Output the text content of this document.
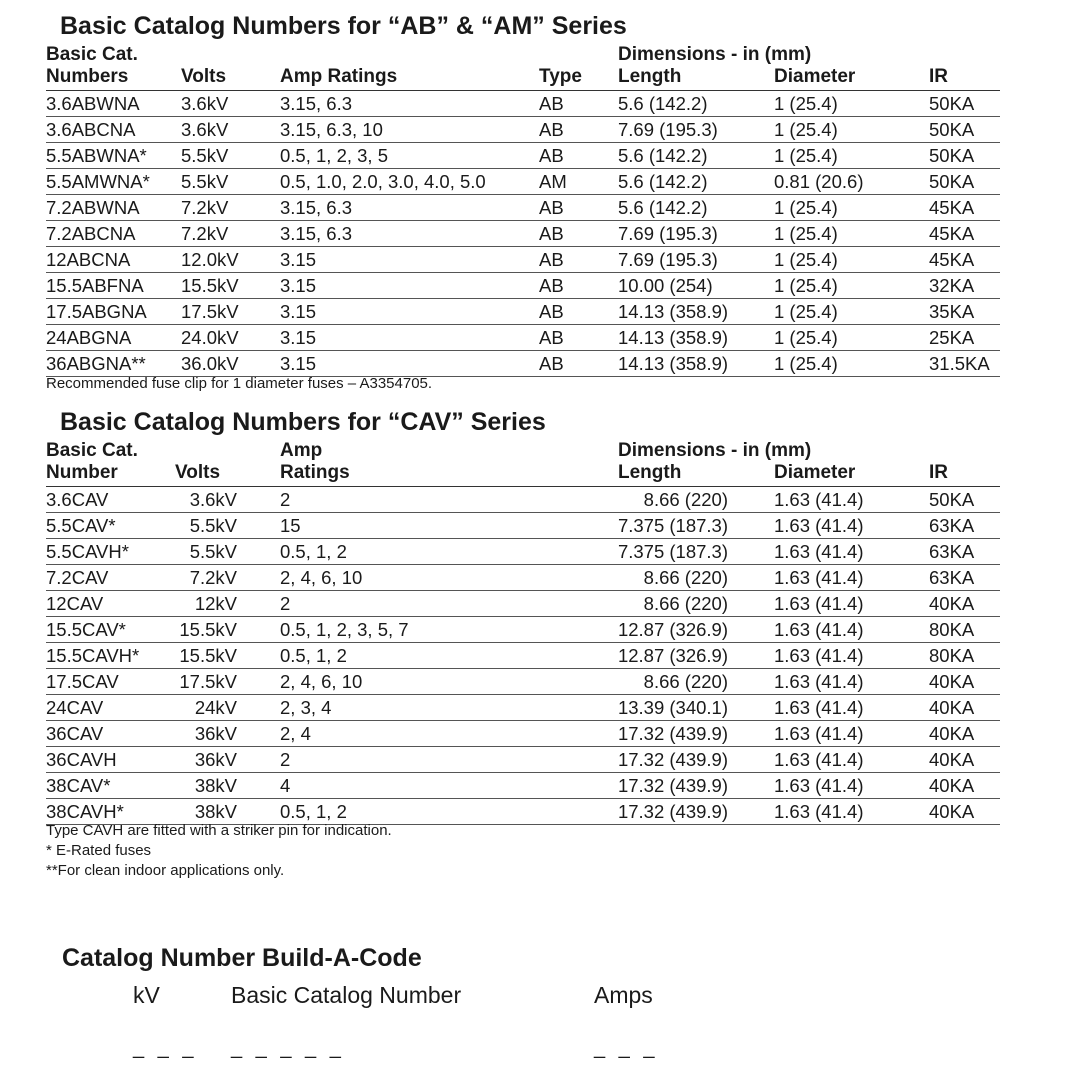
Basic Catalog Numbers for “AB” & “AM” Series
Basic Cat.
Numbers	Volts	Amp Ratings	Type
Dimensions - in (mm)
Length	Diameter	IR
3.6ABWNA 3.6kV	3.15, 6.3	AB	5.6 (142.2)	1 (25.4)	50KA
3.6ABCNA 3.6kV	3.15, 6.3, 10	AB	7.69 (195.3)	1 (25.4)	50KA
5.5ABWNA* 5.5kV	0.5, 1, 2, 3, 5	AB	5.6 (142.2)	1 (25.4)	50KA
5.5AMWNA* 5.5kV	0.5, 1.0, 2.0, 3.0, 4.0, 5.0	AM	5.6 (142.2)	0.81 (20.6)	50KA
7.2ABWNA 7.2kV	3.15, 6.3	AB	5.6 (142.2)	1 (25.4)	45KA
7.2ABCNA 7.2kV	3.15, 6.3	AB	7.69 (195.3)	1 (25.4)	45KA
12ABCNA	12.0kV 3.15	AB	7.69 (195.3)	1 (25.4)	45KA
15.5ABFNA 15.5kV 3.15	AB	10.00 (254)	1 (25.4)	32KA
17.5ABGNA 17.5kV 3.15	AB	14.13 (358.9) 1 (25.4)	35KA
24ABGNA	24.0kV 3.15	AB	14.13 (358.9) 1 (25.4)	25KA
36ABGNA** 36.0kV 3.15	AB	14.13 (358.9) 1 (25.4)	31.5KA

Recommended fuse clip for 1 diameter fuses – A3354705.

Basic Catalog Numbers for “CAV” Series
Basic Cat.
Number	Volts
Amp
Ratings
Dimensions - in (mm)
Length	Diameter	IR
3.6CAV	3.6kV 2	8.66 (220) 1.63 (41.4)	50KA
5.5CAV*	5.5kV 15	7.375 (187.3) 1.63 (41.4)	63KA
5.5CAVH*	5.5kV 0.5, 1, 2	7.375 (187.3) 1.63 (41.4)	63KA
7.2CAV	7.2kV 2, 4, 6, 10	8.66 (220) 1.63 (41.4)	63KA
12CAV	12kV 2	8.66 (220) 1.63 (41.4)	40KA
15.5CAV*	15.5kV 0.5, 1, 2, 3, 5, 7	12.87 (326.9) 1.63 (41.4)	80KA
15.5CAVH* 15.5kV 0.5, 1, 2	12.87 (326.9) 1.63 (41.4)	80KA
17.5CAV	17.5kV 2, 4, 6, 10	8.66 (220) 1.63 (41.4)	40KA
24CAV	24kV 2, 3, 4	13.39 (340.1) 1.63 (41.4)	40KA
36CAV	36kV 2, 4	17.32 (439.9) 1.63 (41.4)	40KA
36CAVH	36kV 2	17.32 (439.9) 1.63 (41.4)	40KA
38CAV*	38kV 4	17.32 (439.9) 1.63 (41.4)	40KA
38CAVH*	38kV 0.5, 1, 2	17.32 (439.9) 1.63 (41.4)	40KA

Type CAVH are fitted with a striker pin for indication.

* E-Rated fuses

**For clean indoor applications only.

Catalog Number Build-A-Code
kV	Basic Catalog Number	Amps
_ _ _ _ _ _ _ _	_ _ _
